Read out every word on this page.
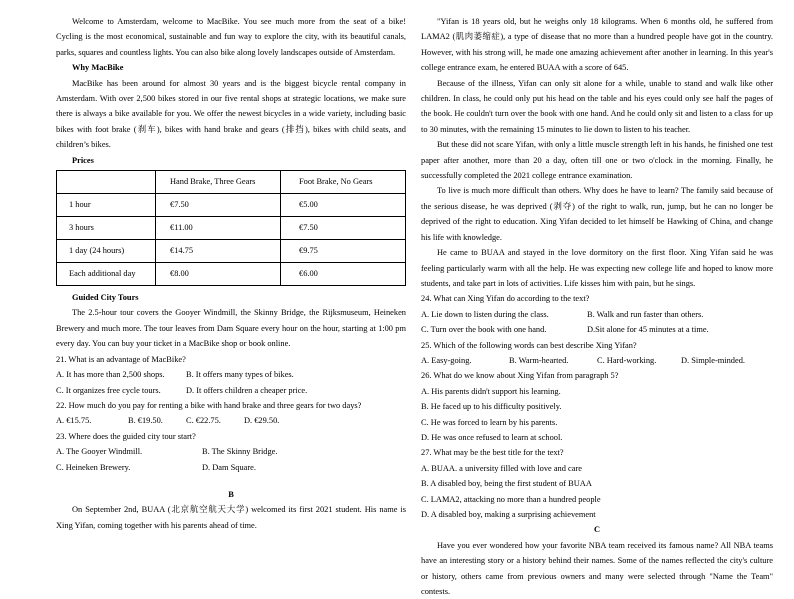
Welcome to Amsterdam, welcome to MacBike. You see much more from the seat of a bike! Cycling is the most economical, sustainable and fun way to explore the city, with its beautiful canals, parks, squares and countless lights. You can also bike along lovely landscapes outside of Amsterdam.

Why MacBike

MacBike has been around for almost 30 years and is the biggest bicycle rental company in Amsterdam. With over 2,500 bikes stored in our five rental shops at strategic locations, we make sure there is always a bike available for you. We offer the newest bicycles in a wide variety, including basic bikes with foot brake (刹车), bikes with hand brake and gears (排挡), bikes with child seats, and children’s bikes.

Prices

	Hand Brake, Three Gears	Foot Brake, No Gears
1 hour	€7.50	€5.00
3 hours	€11.00	€7.50
1 day (24 hours)	€14.75	€9.75
Each additional day	€8.00	€6.00

Guided City Tours

The 2.5-hour tour covers the Gooyer Windmill, the Skinny Bridge, the Rijksmuseum, Heineken Brewery and much more. The tour leaves from Dam Square every hour on the hour, starting at 1:00 pm every day. You can buy your ticket in a MacBike shop or book online.

21. What is an advantage of MacBike?

A. It has more than 2,500 shops.	B. It offers many types of bikes.
C. It organizes free cycle tours.	D. It offers children a cheaper price.

22. How much do you pay for renting a bike with hand brake and three gears for two days?

A. €15.75.	B. €19.50.	C. €22.75.	D. €29.50.

23. Where does the guided city tour start?

A. The Gooyer Windmill.	B. The Skinny Bridge.
C. Heineken Brewery.	D. Dam Square.

B

On September 2nd, BUAA (北京航空航天大学) welcomed its first 2021 student. His name is Xing Yifan, coming together with his parents ahead of time.

"Yifan is 18 years old, but he weighs only 18 kilograms. When 6 months old, he suffered from LAMA2 (肌肉萎缩症), a type of disease that no more than a hundred people have got in the country. However, with his strong will, he made one amazing achievement after another in learning. In this year's college entrance exam, he entered BUAA with a score of 645.

Because of the illness, Yifan can only sit alone for a while, unable to stand and walk like other children. In class, he could only put his head on the table and his eyes could only see half the pages of the book. He couldn't turn over the book with one hand. And he could only sit and listen to a class for up to 30 minutes, with the remaining 15 minutes to lie down to listen to his teacher.

But these did not scare Yifan, with only a little muscle strength left in his hands, he finished one test paper after another, more than 20 a day, often till one or two o'clock in the morning. Finally, he successfully completed the 2021 college entrance examination.

To live is much more difficult than others. Why does he have to learn? The family said because of the serious disease, he was deprived (剥夺) of the right to walk, run, jump, but he can no longer be deprived of the right to education. Xing Yifan decided to let himself be Hawking of China, and change his life with knowledge.

He came to BUAA and stayed in the love dormitory on the first floor. Xing Yifan said he was feeling particularly warm with all the help. He was expecting new college life and hoped to know more students, and take part in lots of activities. Life kisses him with pain, but he sings.

24. What can Xing Yifan do according to the text?

A. Lie down to listen during the class.	B. Walk and run faster than others.
C. Turn over the book with one hand.	D.Sit alone for 45 minutes at a time.

25. Which of the following words can best describe Xing Yifan?

A. Easy-going.	B. Warm-hearted.	C. Hard-working.	D. Simple-minded.

26. What do we know about Xing Yifan from paragraph 5?

A. His parents didn't support his learning.

B. He faced up to his difficulty positively.

C. He was forced to learn by his parents.

D. He was once refused to learn at school.

27. What may be the best title for the text?

A. BUAA. a university filled with love and care

B. A disabled boy, being the first student of BUAA

C. LAMA2, attacking no more than a hundred people

D. A disabled boy, making a surprising achievement

C

Have you ever wondered how your favorite NBA team received its famous name? All NBA teams have an interesting story or a history behind their names. Some of the names reflected the city's culture or history, others came from previous owners and many were selected through "Name the Team" contests.
